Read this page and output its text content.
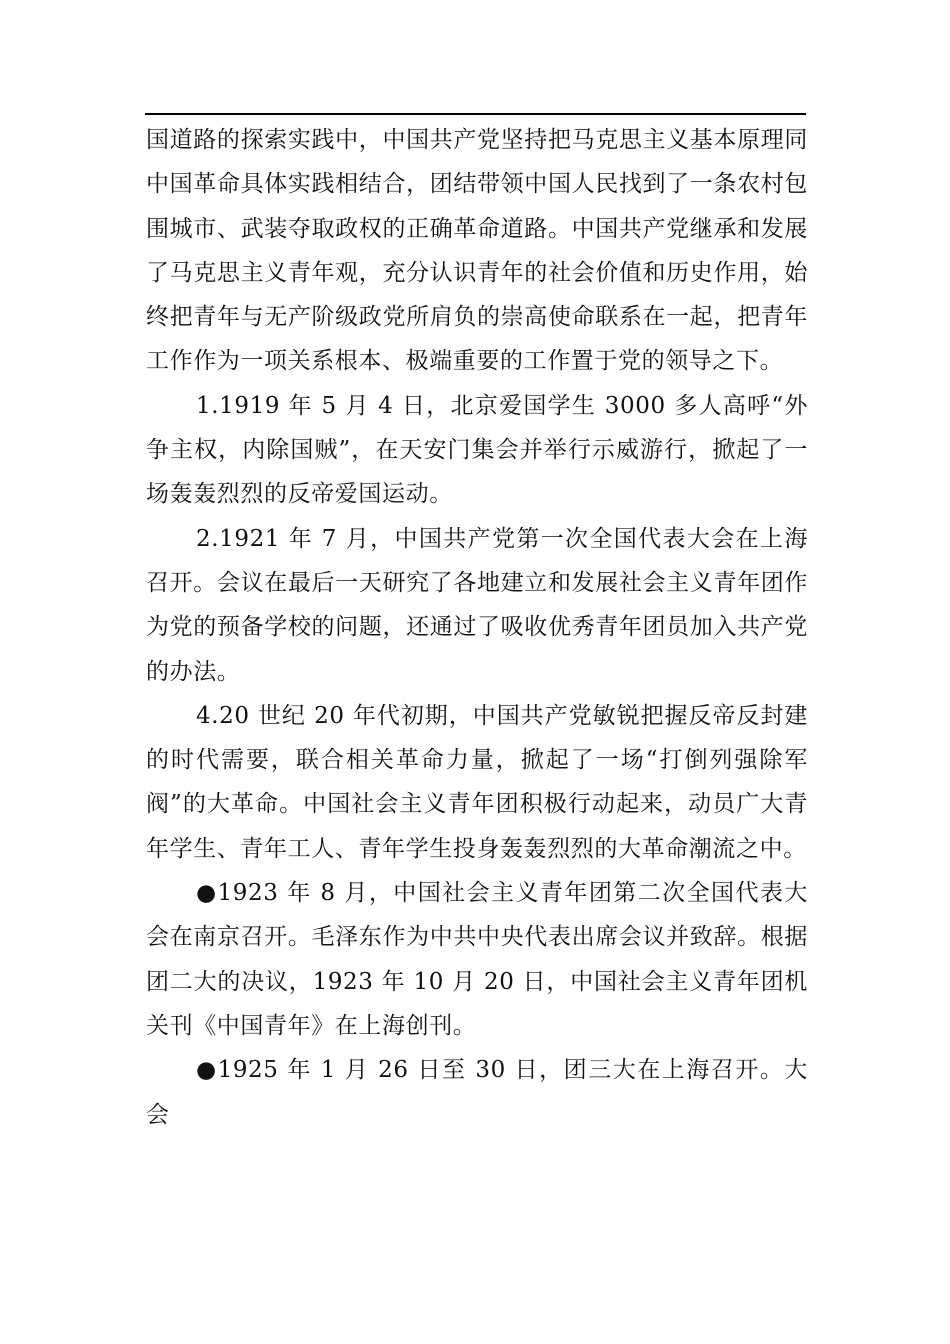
国道路的探索实践中，中国共产党坚持把马克思主义基本原理同中国革命具体实践相结合，团结带领中国人民找到了一条农村包围城市、武装夺取政权的正确革命道路。中国共产党继承和发展了马克思主义青年观，充分认识青年的社会价值和历史作用，始终把青年与无产阶级政党所肩负的崇高使命联系在一起，把青年工作作为一项关系根本、极端重要的工作置于党的领导之下。

1.1919 年 5 月 4 日，北京爱国学生 3000 多人高呼“外争主权，内除国贼”，在天安门集会并举行示威游行，掀起了一场轰轰烈烈的反帝爱国运动。

2.1921 年 7 月，中国共产党第一次全国代表大会在上海召开。会议在最后一天研究了各地建立和发展社会主义青年团作为党的预备学校的问题，还通过了吸收优秀青年团员加入共产党的办法。

4.20 世纪 20 年代初期，中国共产党敏锐把握反帝反封建的时代需要，联合相关革命力量，掀起了一场“打倒列强除军阀”的大革命。中国社会主义青年团积极行动起来，动员广大青年学生、青年工人、青年学生投身轰轰烈烈的大革命潮流之中。

●1923 年 8 月，中国社会主义青年团第二次全国代表大会在南京召开。毛泽东作为中共中央代表出席会议并致辞。根据团二大的决议，1923 年 10 月 20 日，中国社会主义青年团机关刊《中国青年》在上海创刊。

●1925 年 1 月 26 日至 30 日，团三大在上海召开。大会
